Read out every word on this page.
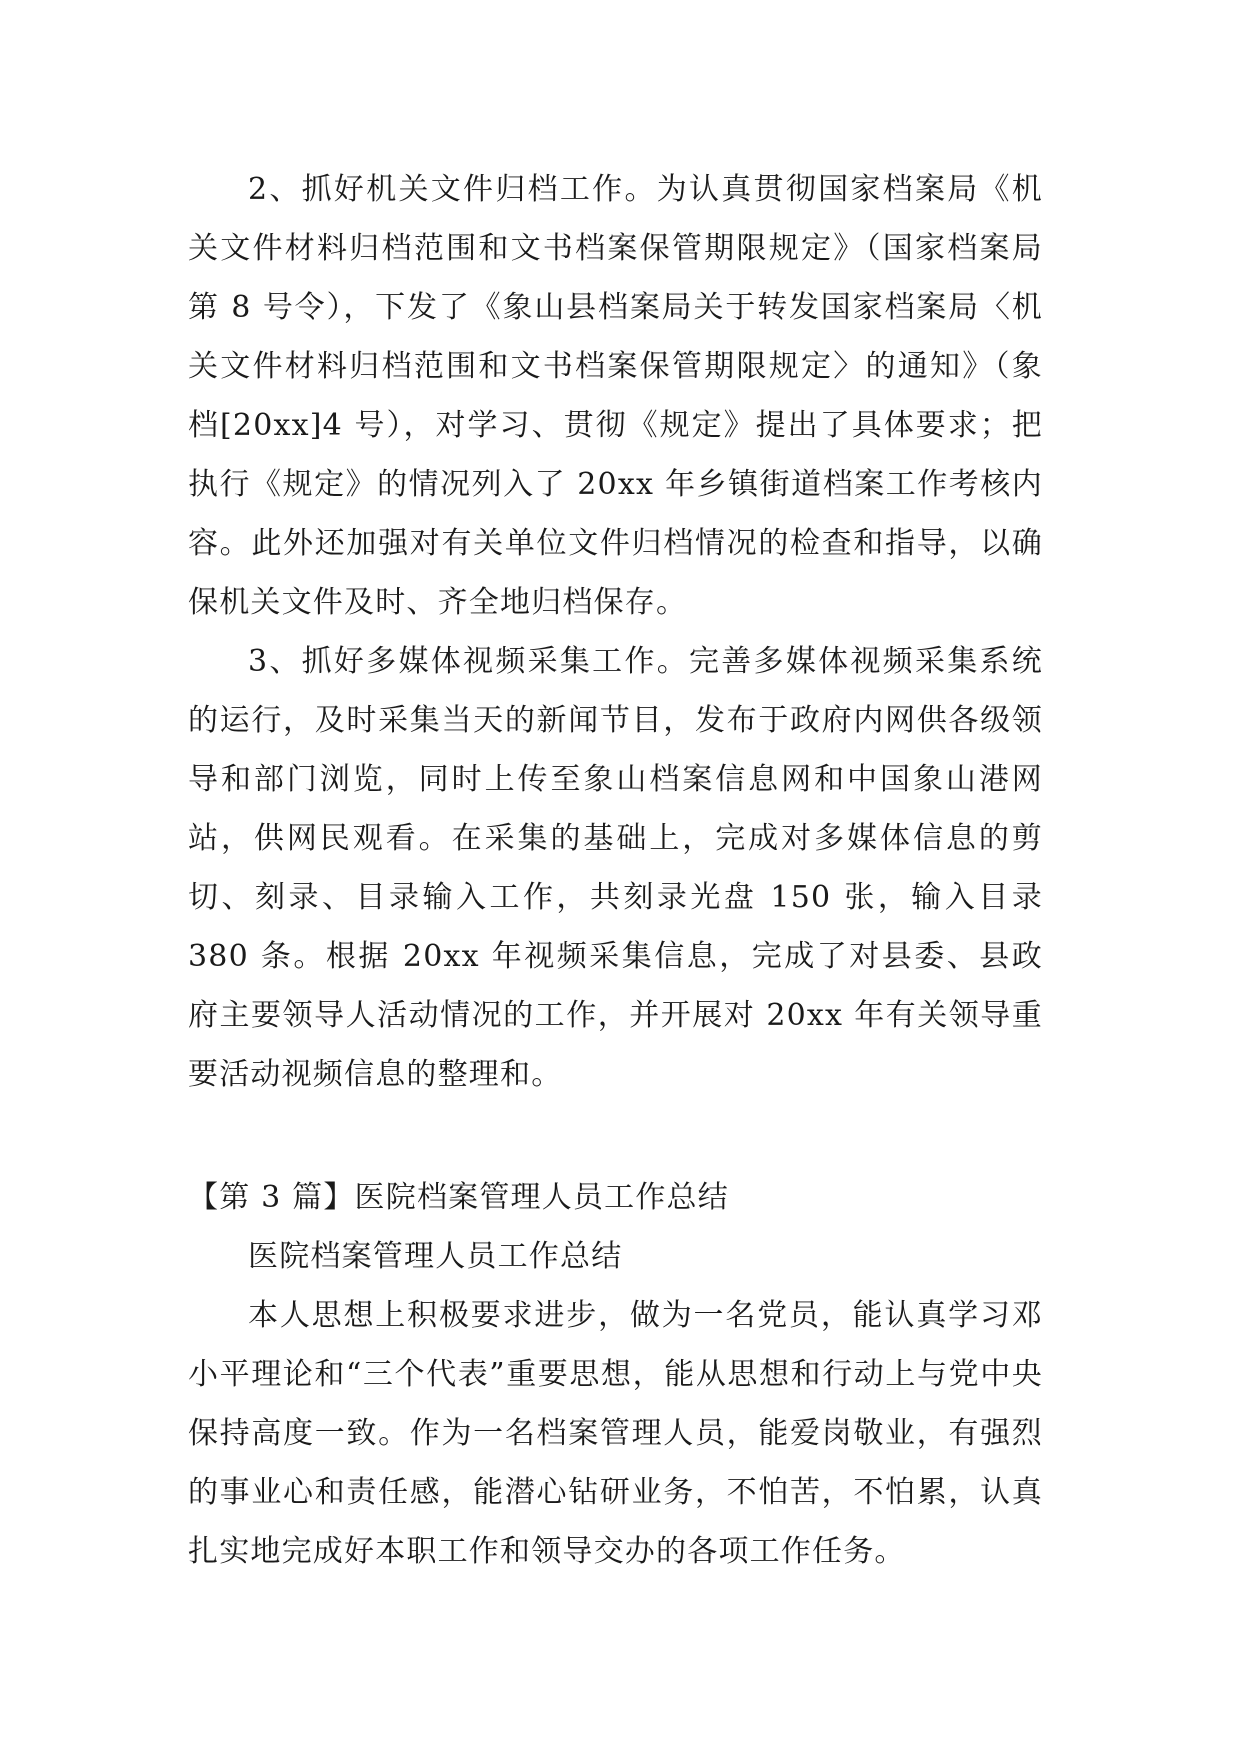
2、抓好机关文件归档工作。为认真贯彻国家档案局《机关文件材料归档范围和文书档案保管期限规定》（国家档案局第 8 号令），下发了《象山县档案局关于转发国家档案局〈机关文件材料归档范围和文书档案保管期限规定〉的通知》（象档[20xx]4 号），对学习、贯彻《规定》提出了具体要求；把执行《规定》的情况列入了 20xx 年乡镇街道档案工作考核内容。此外还加强对有关单位文件归档情况的检查和指导，以确保机关文件及时、齐全地归档保存。

3、抓好多媒体视频采集工作。完善多媒体视频采集系统的运行，及时采集当天的新闻节目，发布于政府内网供各级领导和部门浏览，同时上传至象山档案信息网和中国象山港网站，供网民观看。在采集的基础上，完成对多媒体信息的剪切、刻录、目录输入工作，共刻录光盘 150 张，输入目录 380 条。根据 20xx 年视频采集信息，完成了对县委、县政府主要领导人活动情况的工作，并开展对 20xx 年有关领导重要活动视频信息的整理和。

【第 3 篇】医院档案管理人员工作总结

医院档案管理人员工作总结

本人思想上积极要求进步，做为一名党员，能认真学习邓小平理论和“三个代表”重要思想，能从思想和行动上与党中央保持高度一致。作为一名档案管理人员，能爱岗敬业，有强烈的事业心和责任感，能潜心钻研业务，不怕苦，不怕累，认真扎实地完成好本职工作和领导交办的各项工作任务。
